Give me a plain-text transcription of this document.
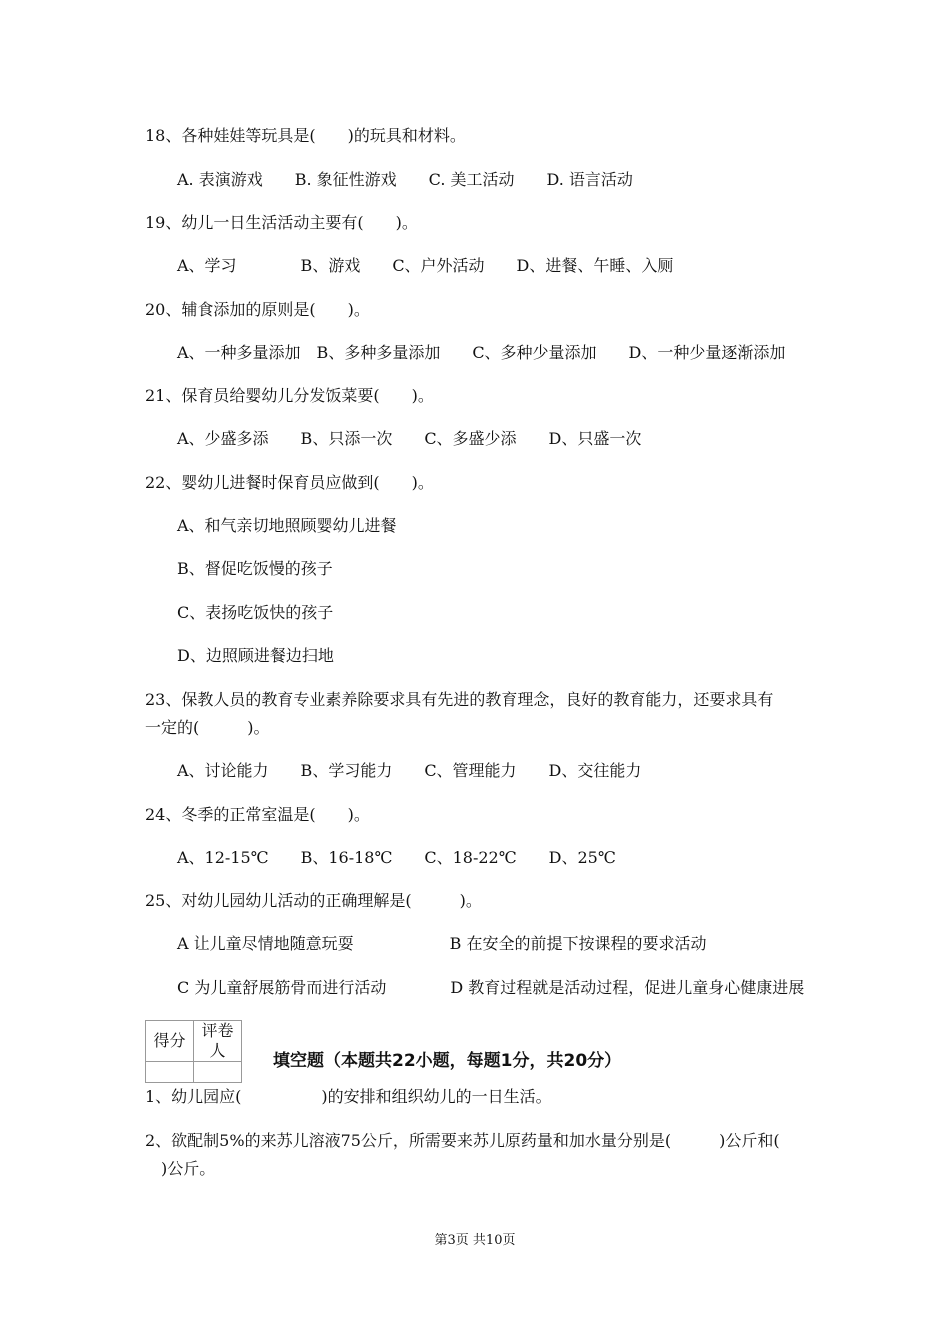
18、各种娃娃等玩具是(　　)的玩具和材料。
A. 表演游戏　　B. 象征性游戏　　C. 美工活动　　D. 语言活动
19、幼儿一日生活活动主要有(　　)。
A、学习　　　　B、游戏　　C、户外活动　　D、进餐、午睡、入厕
20、辅食添加的原则是(　　)。
A、一种多量添加　B、多种多量添加　　C、多种少量添加　　D、一种少量逐渐添加
21、保育员给婴幼儿分发饭菜要(　　)。
A、少盛多添　　B、只添一次　　C、多盛少添　　D、只盛一次
22、婴幼儿进餐时保育员应做到(　　)。
A、和气亲切地照顾婴幼儿进餐
B、督促吃饭慢的孩子
C、表扬吃饭快的孩子
D、边照顾进餐边扫地
23、保教人员的教育专业素养除要求具有先进的教育理念，良好的教育能力，还要求具有
一定的(　　　)。
A、讨论能力　　B、学习能力　　C、管理能力　　D、交往能力
24、冬季的正常室温是(　　)。
A、12-15℃　　B、16-18℃　　C、18-22℃　　D、25℃
25、对幼儿园幼儿活动的正确理解是(　　　)。
A 让儿童尽情地随意玩耍　　　　　　B 在安全的前提下按课程的要求活动
C 为儿童舒展筋骨而进行活动　　　　D 教育过程就是活动过程，促进儿童身心健康进展
得分	评卷人

填空题（本题共22小题，每题1分，共20分）
1、幼儿园应(　　　　　)的安排和组织幼儿的一日生活。
2、欲配制5%的来苏儿溶液75公斤，所需要来苏儿原药量和加水量分别是(　　　)公斤和(
　)公斤。
第3页 共10页
